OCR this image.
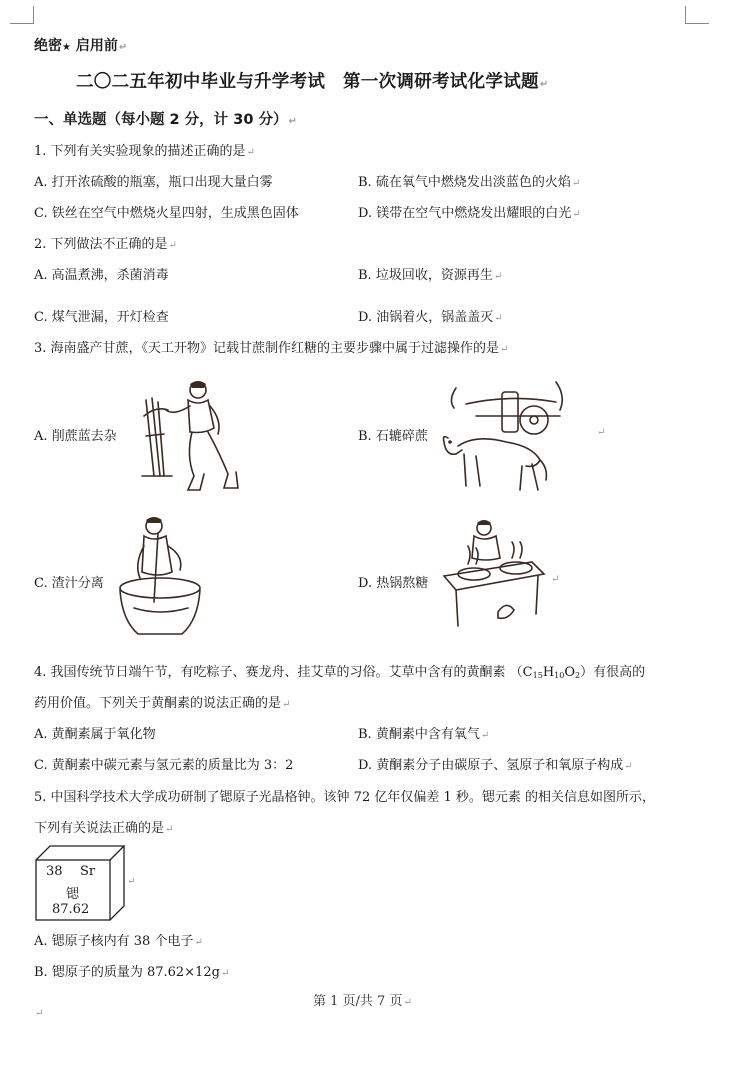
绝密★ 启用前↵
二〇二五年初中毕业与升学考试　第一次调研考试化学试题↵
一、单选题（每小题 2 分，计 30 分）↵
1. 下列有关实验现象的描述正确的是↵
A. 打开浓硫酸的瓶塞，瓶口出现大量白雾	B. 硫在氧气中燃烧发出淡蓝色的火焰↵
C. 铁丝在空气中燃烧火星四射，生成黑色固体	D. 镁带在空气中燃烧发出耀眼的白光↵
2. 下列做法不正确的是↵
A. 高温煮沸，杀菌消毒	B. 垃圾回收，资源再生↵
C. 煤气泄漏，开灯检查	D. 油锅着火，锅盖盖灭↵
3. 海南盛产甘蔗，《天工开物》记载甘蔗制作红糖的主要步骤中属于过滤操作的是↵
A. 削蔗蓝去杂	B. 石辘碎蔗	↵
C. 渣汁分离	D. 热锅熬糖	↵
4. 我国传统节日端午节，有吃粽子、赛龙舟、挂艾草的习俗。艾草中含有的黄酮素 $(C_{15}H_{10}O_2)$有很高的
药用价值。下列关于黄酮素的说法正确的是↵
A. 黄酮素属于氧化物	B. 黄酮素中含有氧气↵
C. 黄酮素中碳元素与氢元素的质量比为 3：2	D. 黄酮素分子由碳原子、氢原子和氧原子构成↵
5. 中国科学技术大学成功研制了锶原子光晶格钟。该钟 72 亿年仅偏差 1 秒。锶元素 的相关信息如图所示，
下列有关说法正确的是↵
38 Sr
锶
87.62
↵
A. 锶原子核内有 38 个电子↵
B. 锶原子的质量为 87.62×12g↵
第 1 页/共 7 页↵
↵
